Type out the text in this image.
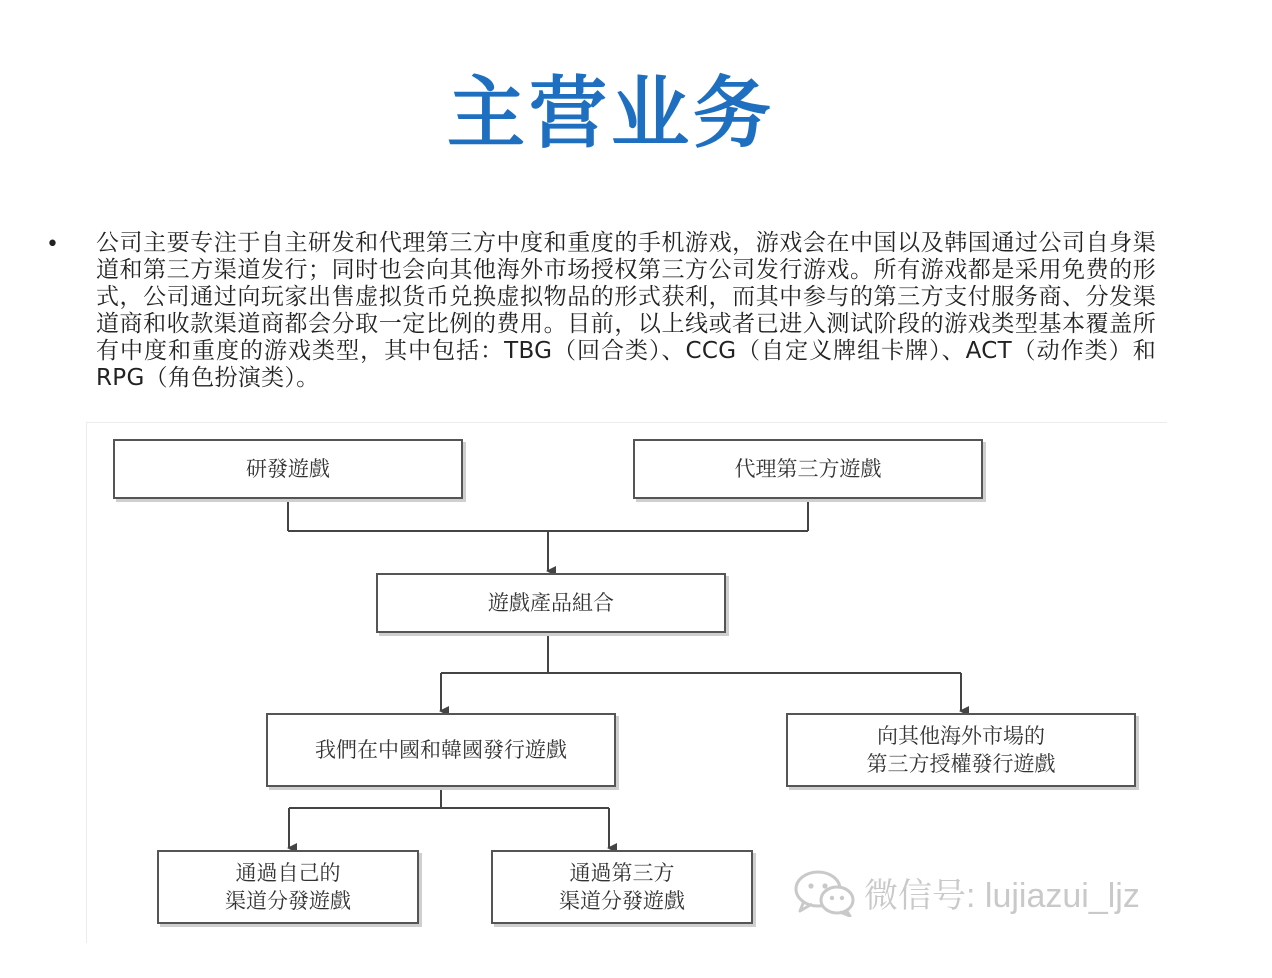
主营业务
• 公司主要专注于自主研发和代理第三方中度和重度的手机游戏，游戏会在中国以及韩国通过公司自身渠道和第三方渠道发行；同时也会向其他海外市场授权第三方公司发行游戏。所有游戏都是采用免费的形式，公司通过向玩家出售虚拟货币兑换虚拟物品的形式获利，而其中参与的第三方支付服务商、分发渠道商和收款渠道商都会分取一定比例的费用。目前，以上线或者已进入测试阶段的游戏类型基本覆盖所有中度和重度的游戏类型，其中包括：TBG（回合类）、CCG（自定义牌组卡牌）、ACT（动作类）和RPG（角色扮演类）。
研發遊戲	代理第三方遊戲
遊戲產品組合
我們在中國和韓國發行遊戲
向其他海外市場的
第三方授權發行遊戲
通過自己的
渠道分發遊戲
通過第三方
渠道分發遊戲	微信号: lujiazui_ljz
